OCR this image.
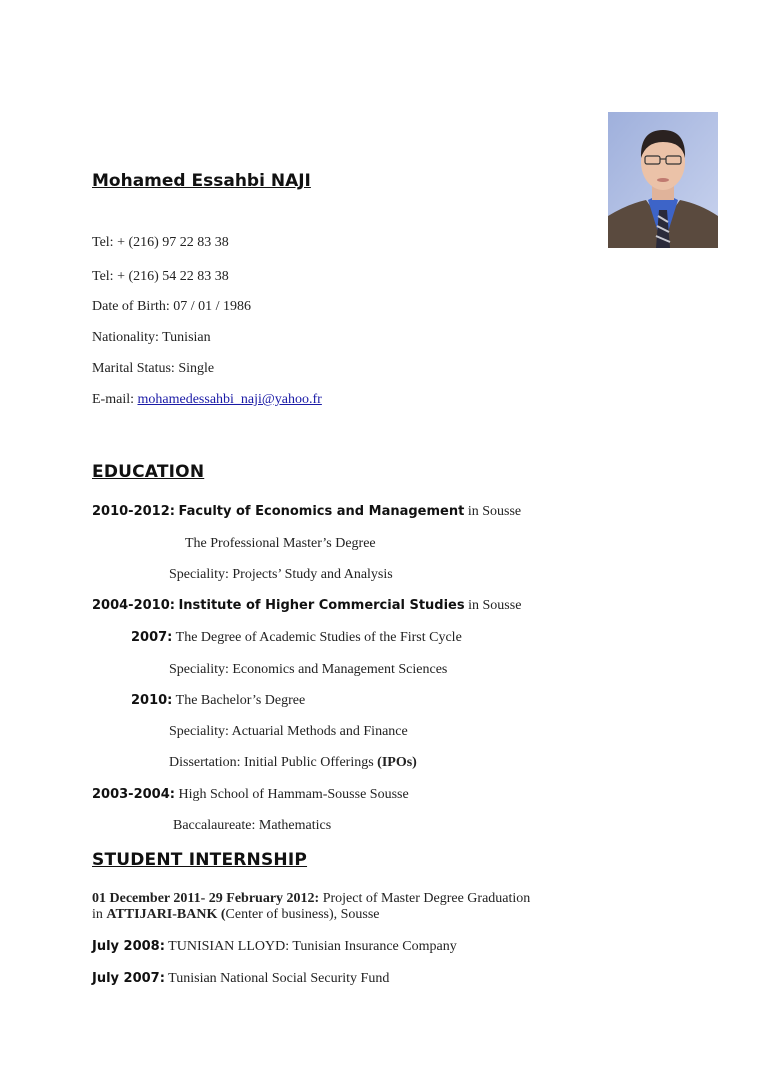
Mohamed Essahbi NAJI
Tel: + (216) 97 22 83 38
Tel: + (216) 54 22 83 38
Date of Birth: 07 / 01 / 1986
Nationality: Tunisian
Marital Status: Single
E-mail: mohamedessahbi_naji@yahoo.fr
EDUCATION
2010-2012: Faculty of Economics and Management in Sousse
The Professional Master’s Degree
Speciality: Projects’ Study and Analysis
2004-2010: Institute of Higher Commercial Studies in Sousse
2007: The Degree of Academic Studies of the First Cycle
Speciality: Economics and Management Sciences
2010: The Bachelor’s Degree
Speciality: Actuarial Methods and Finance
Dissertation: Initial Public Offerings (IPOs)
2003-2004: High School of Hammam-Sousse Sousse
Baccalaureate: Mathematics
STUDENT INTERNSHIP
01 December 2011- 29 February 2012: Project of Master Degree Graduation
in ATTIJARI-BANK (Center of business), Sousse
July 2008: TUNISIAN LLOYD: Tunisian Insurance Company
July 2007: Tunisian National Social Security Fund
